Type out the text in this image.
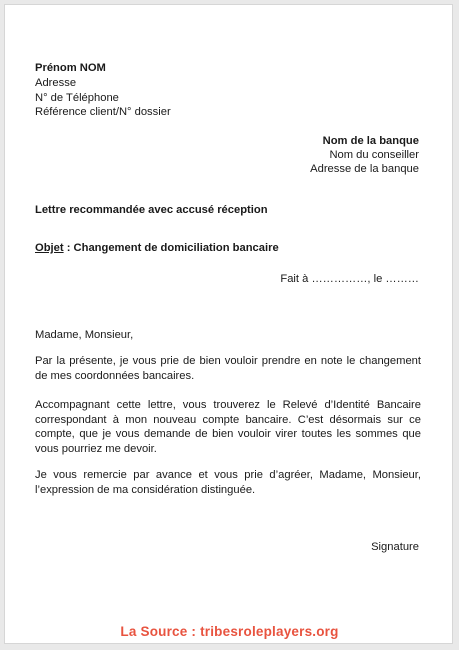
Prénom NOM
Adresse
N° de Téléphone
Référence client/N° dossier
Nom de la banque
Nom du conseiller
Adresse de la banque
Lettre recommandée avec accusé réception
Objet : Changement de domiciliation bancaire
Fait à ……………, le ………
Madame, Monsieur,
Par la présente, je vous prie de bien vouloir prendre en note le changement de mes coordonnées bancaires.
Accompagnant cette lettre, vous trouverez le Relevé d’Identité Bancaire correspondant à mon nouveau compte bancaire. C’est désormais sur ce compte, que je vous demande de bien vouloir virer toutes les sommes que vous pourriez me devoir.
Je vous remercie par avance et vous prie d’agréer, Madame, Monsieur, l’expression de ma considération distinguée.
Signature
La Source : tribesroleplayers.org
